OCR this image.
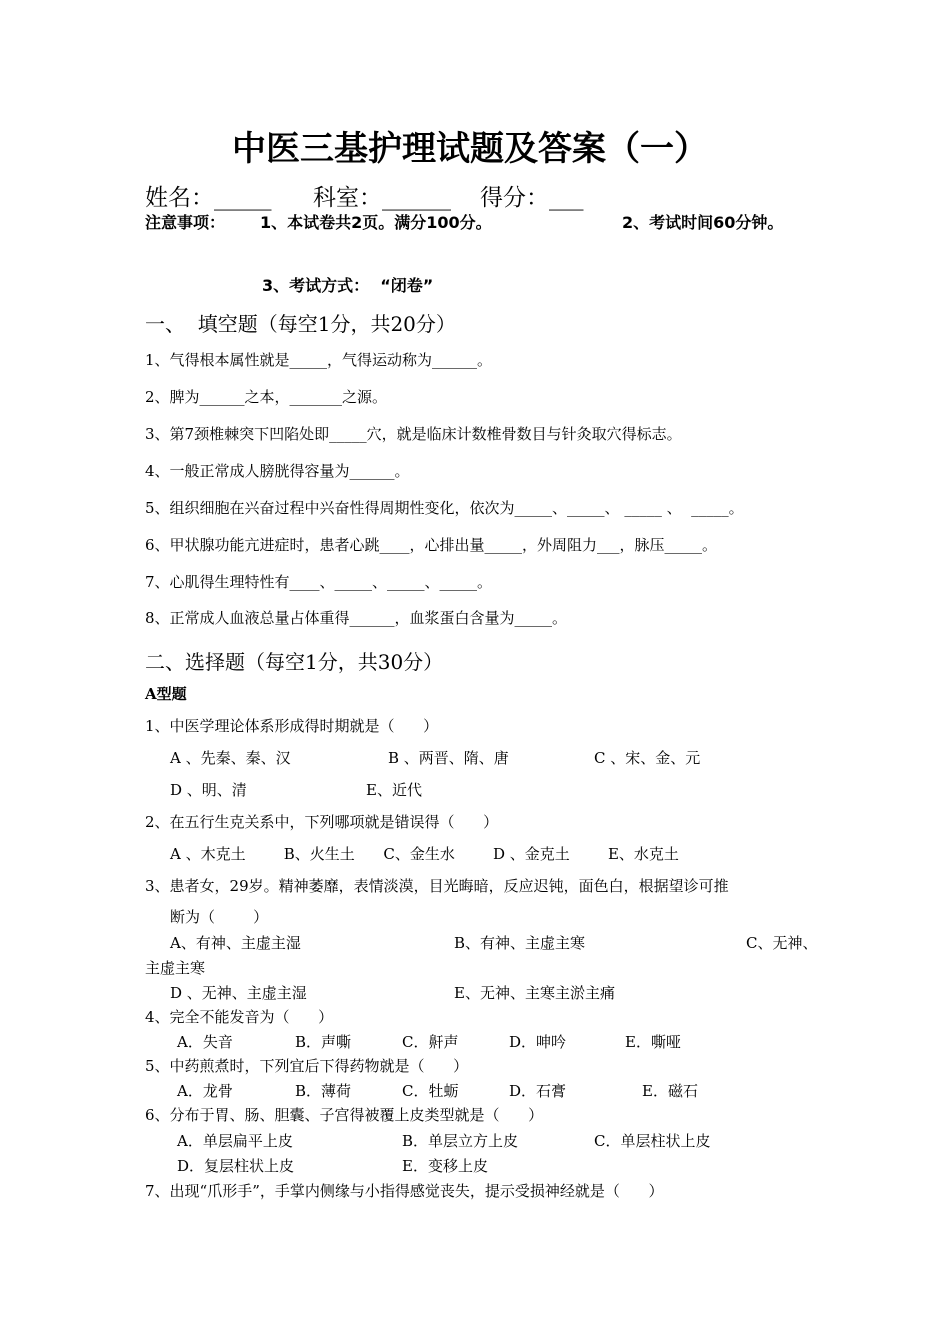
中医三基护理试题及答案（一）
姓名：_____ 科室：______ 得分：___
注意事项： 1、本试卷共2页。满分100分。	2、考试时间60分钟。
3、考试方式：  “闭卷”
一、  填空题（每空1分，共20分）
1、气得根本属性就是_____，气得运动称为______。
2、脾为______之本，_______之源。
3、第7颈椎棘突下凹陷处即_____穴，就是临床计数椎骨数目与针灸取穴得标志。
4、一般正常成人膀胱得容量为______。
5、组织细胞在兴奋过程中兴奋性得周期性变化，依次为_____、_____、 _____ 、  _____。
6、甲状腺功能亢进症时，患者心跳____，心排出量_____，外周阻力___，脉压_____。
7、心肌得生理特性有____、_____、_____、_____。
8、正常成人血液总量占体重得______，血浆蛋白含量为_____。
二、选择题（每空1分，共30分）
A型题
1、中医学理论体系形成得时期就是（      ）
A 、先秦、秦、汉	B 、两晋、隋、唐	C 、宋、金、元
D 、明、清	E、近代
2、在五行生克关系中，下列哪项就是错误得（      ）
A 、木克土        B、火生土      C、金生水        D 、金克土        E、水克土
3、患者女，29岁。精神萎靡，表情淡漠，目光晦暗，反应迟钝，面色白，根据望诊可推
断为（        ）
A、有神、主虚主湿	B、有神、主虚主寒	C、无神、
主虚主寒
D 、无神、主虚主湿	E、无神、主寒主淤主痛
4、完全不能发音为（      ）
A．失音	B．声嘶	C．鼾声	D．呻吟	E．嘶哑
5、中药煎煮时，下列宜后下得药物就是（      ）
A．龙骨	B．薄荷	C．牡蛎	D．石膏	E．磁石
6、分布于胃、肠、胆囊、子宫得被覆上皮类型就是（      ）
A．单层扁平上皮	B．单层立方上皮	C．单层柱状上皮
D．复层柱状上皮	E．变移上皮
7、出现“爪形手”，手掌内侧缘与小指得感觉丧失，提示受损神经就是（      ）
